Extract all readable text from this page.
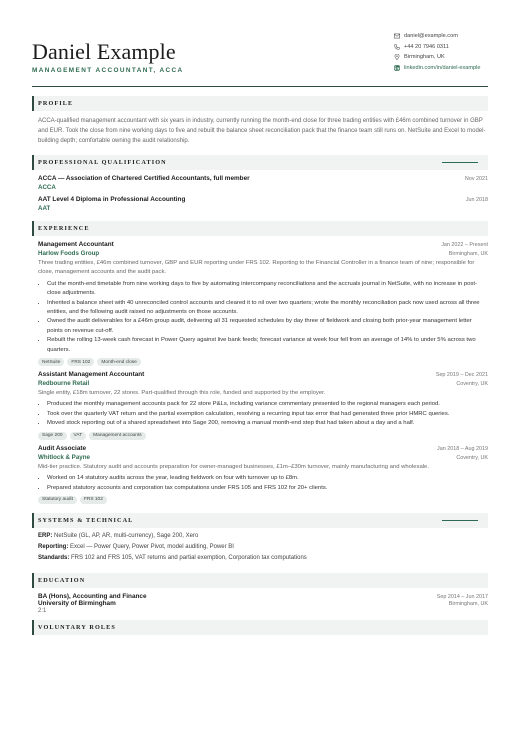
Daniel Example
MANAGEMENT ACCOUNTANT, ACCA
daniel@example.com
+44 20 7946 0311
Birmingham, UK
linkedin.com/in/daniel-example
PROFILE
ACCA-qualified management accountant with six years in industry, currently running the month-end close for three trading entities with £46m combined turnover in GBP and EUR. Took the close from nine working days to five and rebuilt the balance sheet reconciliation pack that the finance team still runs on. NetSuite and Excel to model-building depth; comfortable owning the audit relationship.
PROFESSIONAL QUALIFICATION
ACCA — Association of Chartered Certified Accountants, full member	Nov 2021
ACCA
AAT Level 4 Diploma in Professional Accounting	Jun 2018
AAT
EXPERIENCE
Management Accountant	Jan 2022 – Present
Harlow Foods Group	Birmingham, UK
Three trading entities, £46m combined turnover, GBP and EUR reporting under FRS 102. Reporting to the Financial Controller in a finance team of nine; responsible for close, management accounts and the audit pack.
• Cut the month-end timetable from nine working days to five by automating intercompany reconciliations and the accruals journal in NetSuite, with no increase in post-close adjustments.
• Inherited a balance sheet with 40 unreconciled control accounts and cleared it to nil over two quarters; wrote the monthly reconciliation pack now used across all three entities, and the following audit raised no adjustments on those accounts.
• Owned the audit deliverables for a £46m group audit, delivering all 31 requested schedules by day three of fieldwork and closing both prior-year management letter points on revenue cut-off.
• Rebuilt the rolling 13-week cash forecast in Power Query against live bank feeds; forecast variance at week four fell from an average of 14% to under 5% across two quarters.
NetSuite	FRS 102	Month-end close
Assistant Management Accountant	Sep 2019 – Dec 2021
Redbourne Retail	Coventry, UK
Single entity, £18m turnover, 22 stores. Part-qualified through this role, funded and supported by the employer.
• Produced the monthly management accounts pack for 22 store P&Ls, including variance commentary presented to the regional managers each period.
• Took over the quarterly VAT return and the partial exemption calculation, resolving a recurring input tax error that had generated three prior HMRC queries.
• Moved stock reporting out of a shared spreadsheet into Sage 200, removing a manual month-end step that had taken about a day and a half.
Sage 200	VAT	Management accounts
Audit Associate	Jan 2018 – Aug 2019
Whitlock & Payne	Coventry, UK
Mid-tier practice. Statutory audit and accounts preparation for owner-managed businesses, £1m–£30m turnover, mainly manufacturing and wholesale.
• Worked on 14 statutory audits across the year, leading fieldwork on four with turnover up to £8m.
• Prepared statutory accounts and corporation tax computations under FRS 105 and FRS 102 for 20+ clients.
Statutory audit	FRS 102
SYSTEMS & TECHNICAL
ERP: NetSuite (GL, AP, AR, multi-currency), Sage 200, Xero
Reporting: Excel — Power Query, Power Pivot, model auditing, Power BI
Standards: FRS 102 and FRS 105, VAT returns and partial exemption, Corporation tax computations
EDUCATION
BA (Hons), Accounting and Finance	Sep 2014 – Jun 2017
University of Birmingham	Birmingham, UK
2:1
VOLUNTARY ROLES
